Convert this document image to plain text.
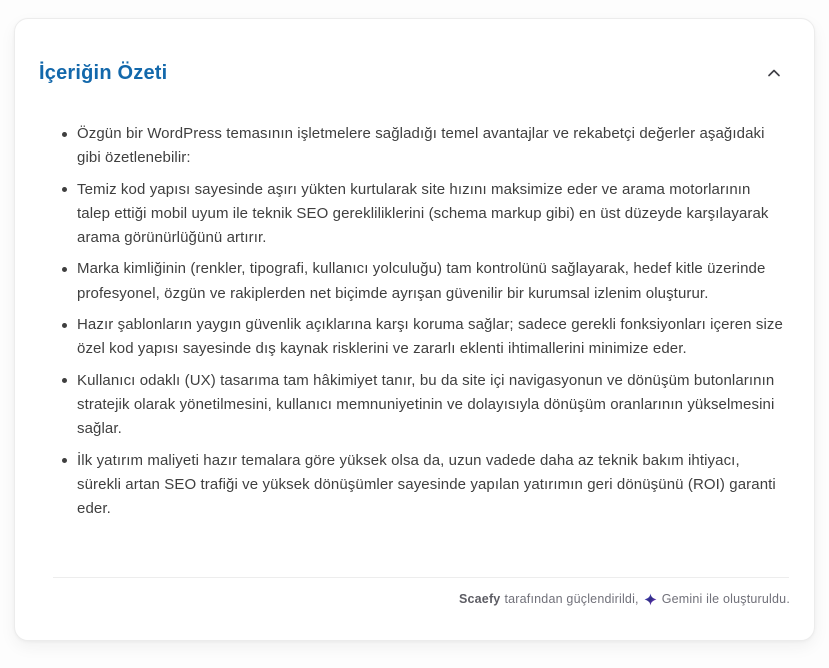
İçeriğin Özeti
Özgün bir WordPress temasının işletmelere sağladığı temel avantajlar ve rekabetçi değerler aşağıdaki gibi özetlenebilir:
Temiz kod yapısı sayesinde aşırı yükten kurtularak site hızını maksimize eder ve arama motorlarının talep ettiği mobil uyum ile teknik SEO gerekliliklerini (schema markup gibi) en üst düzeyde karşılayarak arama görünürlüğünü artırır.
Marka kimliğinin (renkler, tipografi, kullanıcı yolculuğu) tam kontrolünü sağlayarak, hedef kitle üzerinde profesyonel, özgün ve rakiplerden net biçimde ayrışan güvenilir bir kurumsal izlenim oluşturur.
Hazır şablonların yaygın güvenlik açıklarına karşı koruma sağlar; sadece gerekli fonksiyonları içeren size özel kod yapısı sayesinde dış kaynak risklerini ve zararlı eklenti ihtimallerini minimize eder.
Kullanıcı odaklı (UX) tasarıma tam hâkimiyet tanır, bu da site içi navigasyonun ve dönüşüm butonlarının stratejik olarak yönetilmesini, kullanıcı memnuniyetinin ve dolayısıyla dönüşüm oranlarının yükselmesini sağlar.
İlk yatırım maliyeti hazır temalara göre yüksek olsa da, uzun vadede daha az teknik bakım ihtiyacı, sürekli artan SEO trafiği ve yüksek dönüşümler sayesinde yapılan yatırımın geri dönüşünü (ROI) garanti eder.
Scaefy tarafından güçlendirildi, Gemini ile oluşturuldu.
